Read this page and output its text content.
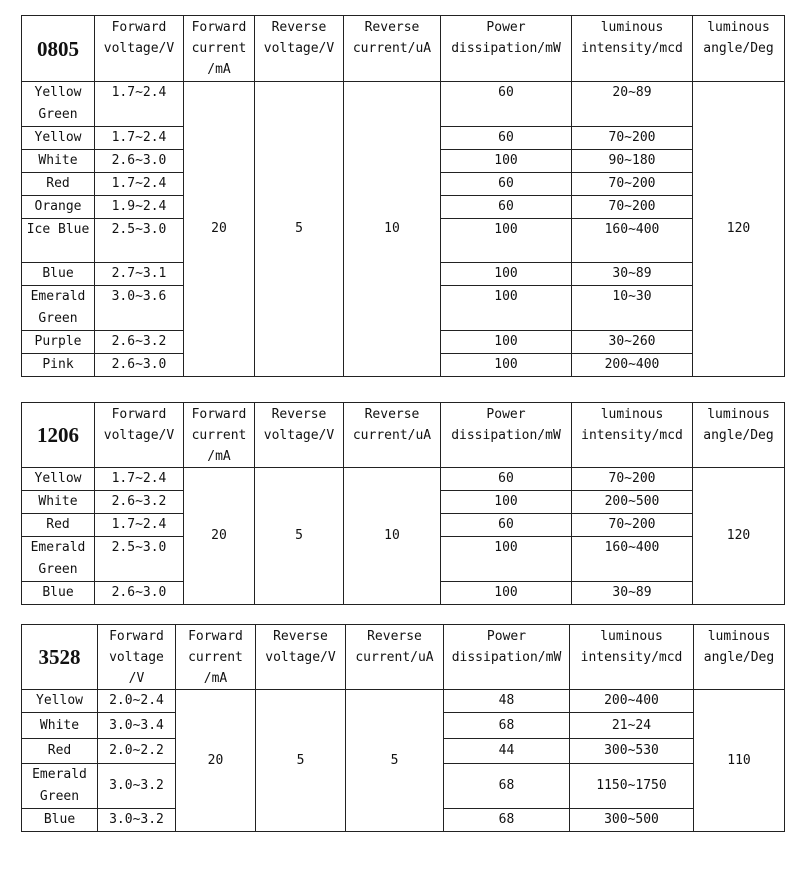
0805	Forward voltage/V	Forward current /mA	Reverse voltage/V	Reverse current/uA	Power dissipation/mW	luminous intensity/mcd	luminous angle/Deg
Yellow Green	1.7~2.4	20	5	10	60	20~89	120
Yellow	1.7~2.4				60	70~200	
White	2.6~3.0				100	90~180	
Red	1.7~2.4				60	70~200	
Orange	1.9~2.4				60	70~200	
Ice Blue	2.5~3.0				100	160~400	
Blue	2.7~3.1				100	30~89	
Emerald Green	3.0~3.6				100	10~30	
Purple	2.6~3.2				100	30~260	
Pink	2.6~3.0				100	200~400	
1206	Forward voltage/V	Forward current /mA	Reverse voltage/V	Reverse current/uA	Power dissipation/mW	luminous intensity/mcd	luminous angle/Deg
Yellow	1.7~2.4	20	5	10	60	70~200	120
White	2.6~3.2				100	200~500	
Red	1.7~2.4				60	70~200	
Emerald Green	2.5~3.0				100	160~400	
Blue	2.6~3.0				100	30~89	
3528	Forward voltage /V	Forward current /mA	Reverse voltage/V	Reverse current/uA	Power dissipation/mW	luminous intensity/mcd	luminous angle/Deg
Yellow	2.0~2.4	20	5	5	48	200~400	110
White	3.0~3.4				68	21~24	
Red	2.0~2.2				44	300~530	
Emerald Green	3.0~3.2				68	1150~1750	
Blue	3.0~3.2				68	300~500	
